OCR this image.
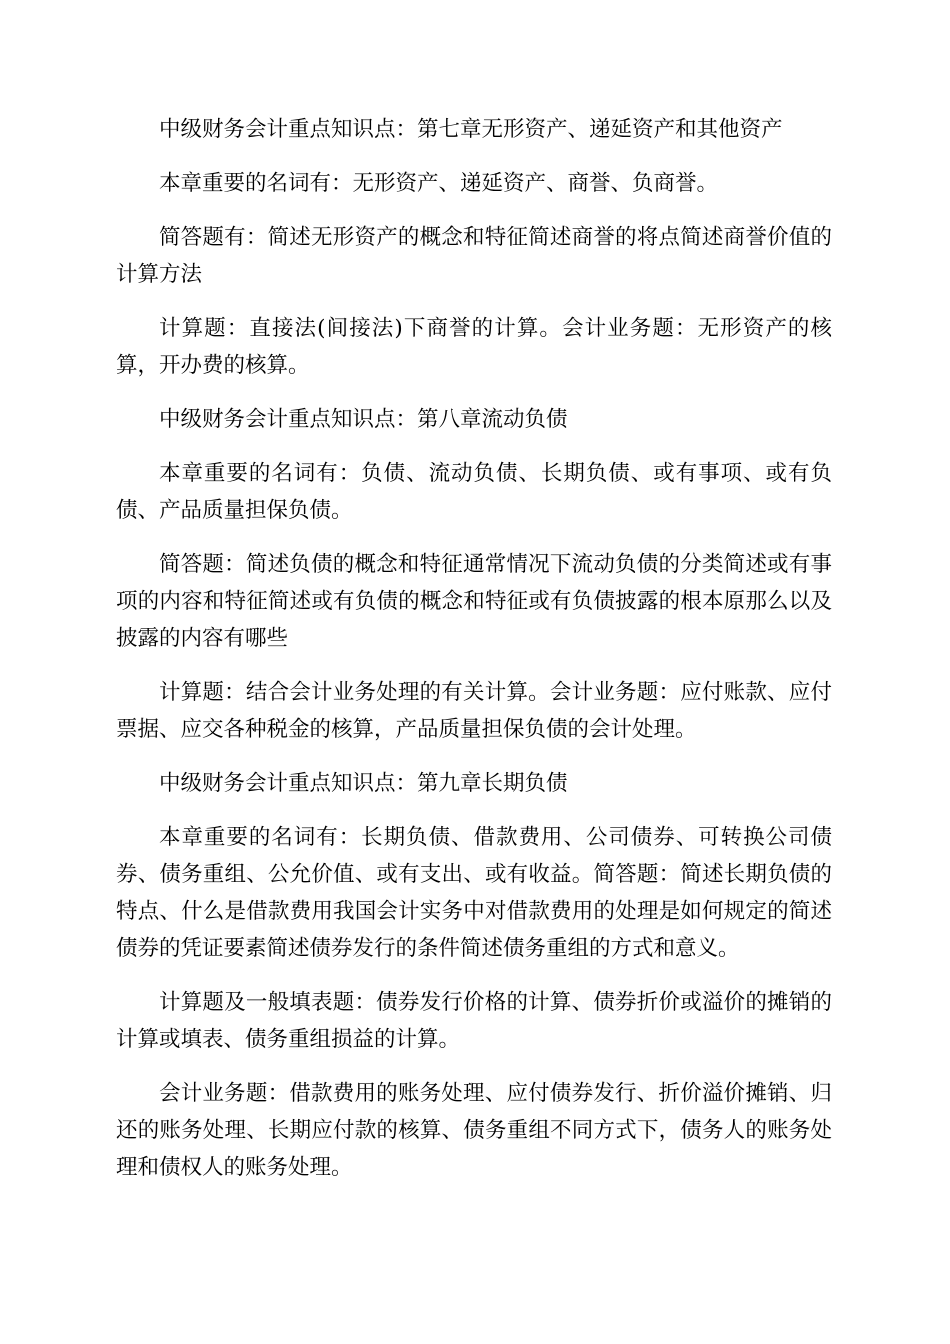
中级财务会计重点知识点：第七章无形资产、递延资产和其他资产

本章重要的名词有：无形资产、递延资产、商誉、负商誉。

简答题有：简述无形资产的概念和特征简述商誉的将点简述商誉价值的计算方法

计算题：直接法(间接法)下商誉的计算。会计业务题：无形资产的核算，开办费的核算。

中级财务会计重点知识点：第八章流动负债

本章重要的名词有：负债、流动负债、长期负债、或有事项、或有负债、产品质量担保负债。

简答题：简述负债的概念和特征通常情况下流动负债的分类简述或有事项的内容和特征简述或有负债的概念和特征或有负债披露的根本原那么以及披露的内容有哪些

计算题：结合会计业务处理的有关计算。会计业务题：应付账款、应付票据、应交各种税金的核算，产品质量担保负债的会计处理。

中级财务会计重点知识点：第九章长期负债

本章重要的名词有：长期负债、借款费用、公司债券、可转换公司债券、债务重组、公允价值、或有支出、或有收益。简答题：简述长期负债的特点、什么是借款费用我国会计实务中对借款费用的处理是如何规定的简述债券的凭证要素简述债券发行的条件简述债务重组的方式和意义。

计算题及一般填表题：债券发行价格的计算、债券折价或溢价的摊销的计算或填表、债务重组损益的计算。

会计业务题：借款费用的账务处理、应付债券发行、折价溢价摊销、归还的账务处理、长期应付款的核算、债务重组不同方式下，债务人的账务处理和债权人的账务处理。
